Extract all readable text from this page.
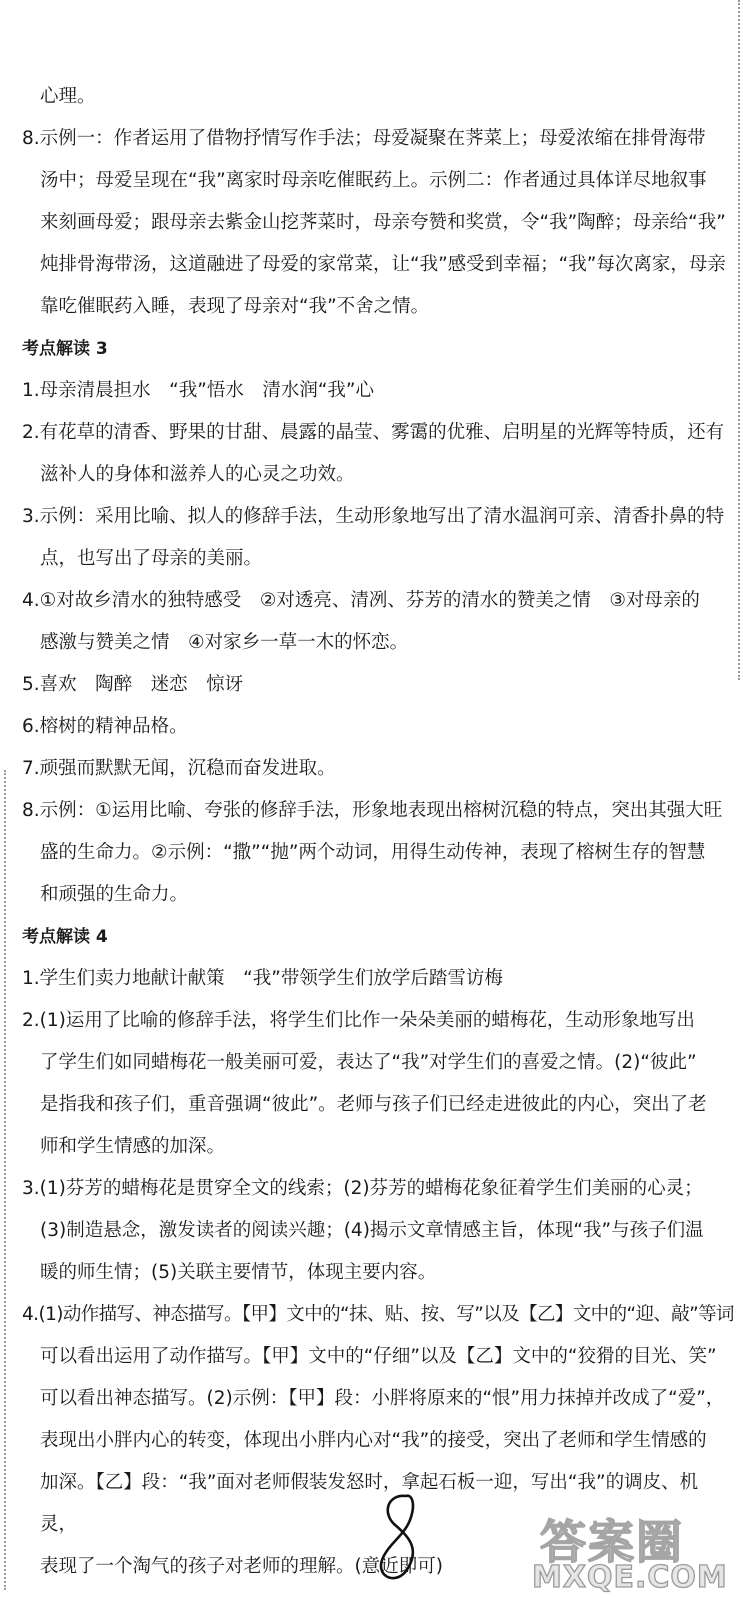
心理。

8.示例一：作者运用了借物抒情写作手法；母爱凝聚在荠菜上；母爱浓缩在排骨海带

汤中；母爱呈现在“我”离家时母亲吃催眠药上。示例二：作者通过具体详尽地叙事

来刻画母爱；跟母亲去紫金山挖荠菜时，母亲夸赞和奖赏，令“我”陶醉；母亲给“我”

炖排骨海带汤，这道融进了母爱的家常菜，让“我”感受到幸福；“我”每次离家，母亲

靠吃催眠药入睡，表现了母亲对“我”不舍之情。

考点解读 3

1.母亲清晨担水　“我”悟水　清水润“我”心

2.有花草的清香、野果的甘甜、晨露的晶莹、雾霭的优雅、启明星的光辉等特质，还有

滋补人的身体和滋养人的心灵之功效。

3.示例：采用比喻、拟人的修辞手法，生动形象地写出了清水温润可亲、清香扑鼻的特

点，也写出了母亲的美丽。

4.①对故乡清水的独特感受　②对透亮、清冽、芬芳的清水的赞美之情　③对母亲的

感激与赞美之情　④对家乡一草一木的怀恋。

5.喜欢　陶醉　迷恋　惊讶

6.榕树的精神品格。

7.顽强而默默无闻，沉稳而奋发进取。

8.示例：①运用比喻、夸张的修辞手法，形象地表现出榕树沉稳的特点，突出其强大旺

盛的生命力。②示例：“撒”“抛”两个动词，用得生动传神，表现了榕树生存的智慧

和顽强的生命力。

考点解读 4

1.学生们卖力地献计献策　“我”带领学生们放学后踏雪访梅

2.(1)运用了比喻的修辞手法，将学生们比作一朵朵美丽的蜡梅花，生动形象地写出

了学生们如同蜡梅花一般美丽可爱，表达了“我”对学生们的喜爱之情。(2)“彼此”

是指我和孩子们，重音强调“彼此”。老师与孩子们已经走进彼此的内心，突出了老

师和学生情感的加深。

3.(1)芬芳的蜡梅花是贯穿全文的线索；(2)芬芳的蜡梅花象征着学生们美丽的心灵；

(3)制造悬念，激发读者的阅读兴趣；(4)揭示文章情感主旨，体现“我”与孩子们温

暖的师生情；(5)关联主要情节，体现主要内容。

4.(1)动作描写、神态描写。【甲】文中的“抹、贴、按、写”以及【乙】文中的“迎、敲”等词

可以看出运用了动作描写。【甲】文中的“仔细”以及【乙】文中的“狡猾的目光、笑”

可以看出神态描写。(2)示例：【甲】段：小胖将原来的“恨”用力抹掉并改成了“爱”，

表现出小胖内心的转变，体现出小胖内心对“我”的接受，突出了老师和学生情感的

加深。【乙】段：“我”面对老师假装发怒时，拿起石板一迎，写出“我”的调皮、机灵，

表现了一个淘气的孩子对老师的理解。(意近即可)	答案圈
MXQE.COM
